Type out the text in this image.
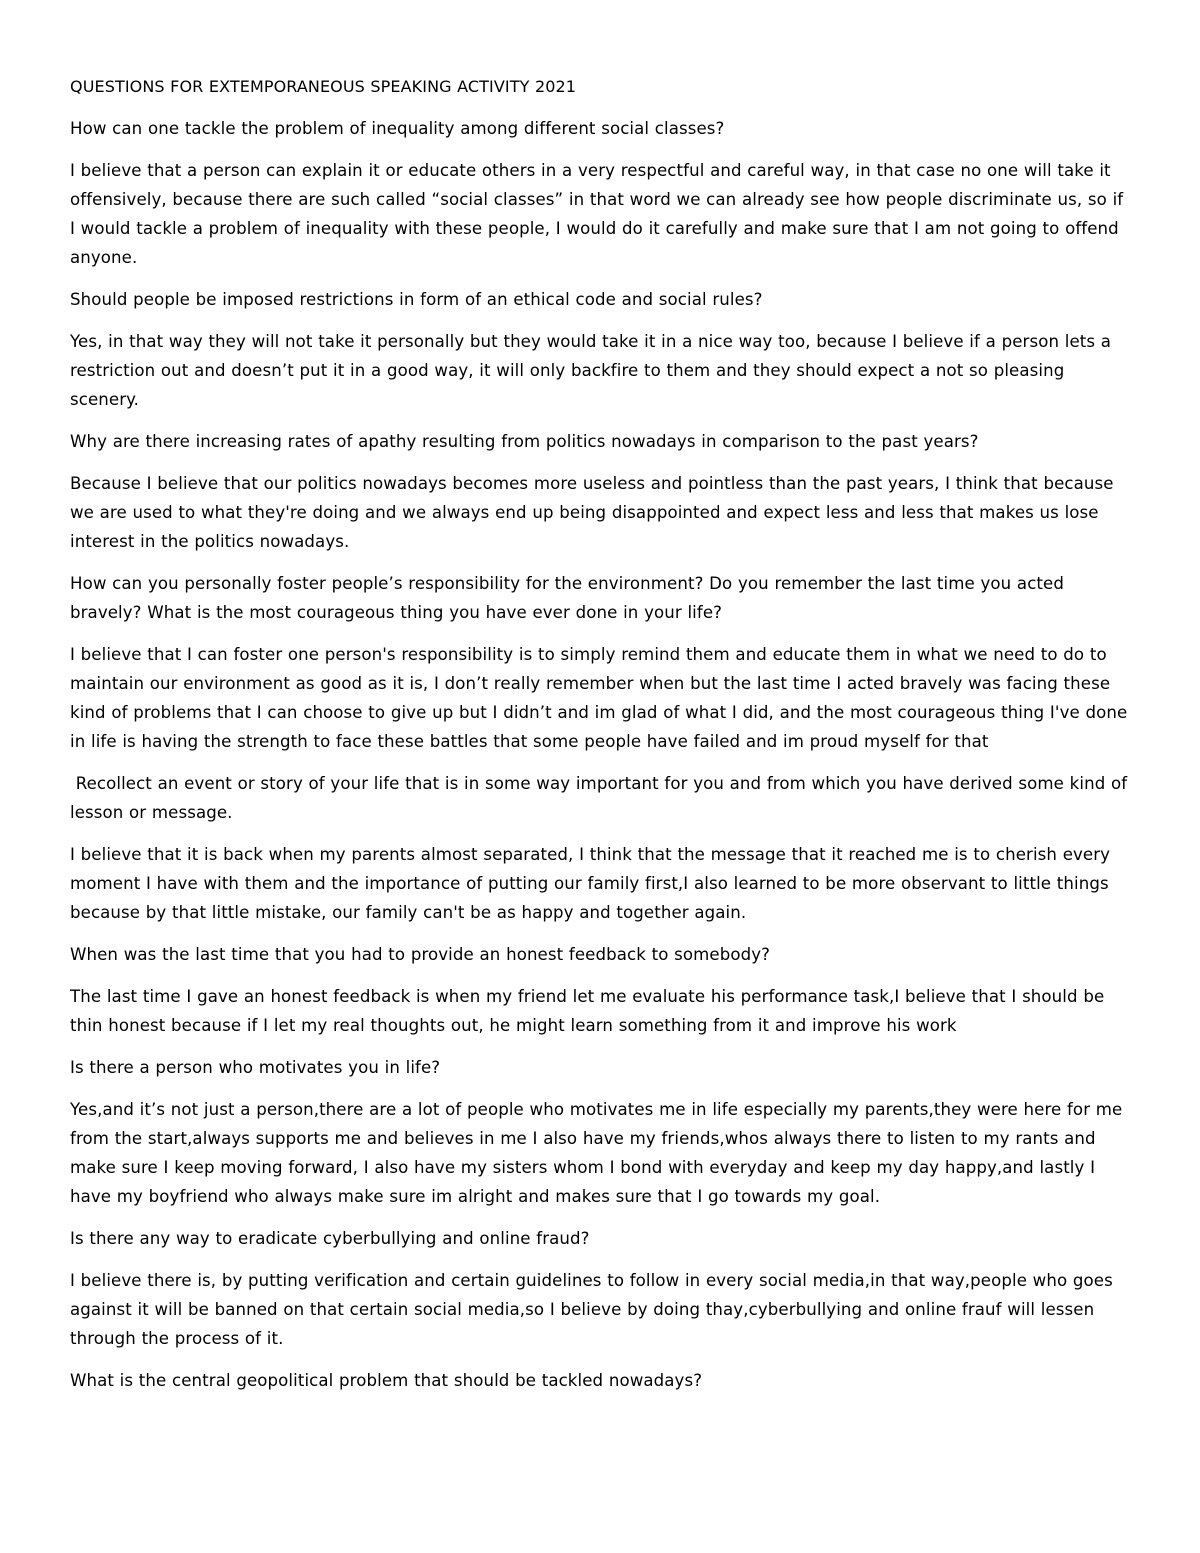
QUESTIONS FOR EXTEMPORANEOUS SPEAKING ACTIVITY 2021
How can one tackle the problem of inequality among different social classes?
I believe that a person can explain it or educate others in a very respectful and careful way, in that case no one will take it offensively, because there are such called “social classes” in that word we can already see how people discriminate us, so if I would tackle a problem of inequality with these people, I would do it carefully and make sure that I am not going to offend anyone.
Should people be imposed restrictions in form of an ethical code and social rules?
Yes, in that way they will not take it personally but they would take it in a nice way too, because I believe if a person lets a restriction out and doesn’t put it in a good way, it will only backfire to them and they should expect a not so pleasing scenery.
Why are there increasing rates of apathy resulting from politics nowadays in comparison to the past years?
Because I believe that our politics nowadays becomes more useless and pointless than the past years, I think that because we are used to what they're doing and we always end up being disappointed and expect less and less that makes us lose interest in the politics nowadays.
How can you personally foster people’s responsibility for the environment? Do you remember the last time you acted bravely? What is the most courageous thing you have ever done in your life?
I believe that I can foster one person's responsibility is to simply remind them and educate them in what we need to do to maintain our environment as good as it is, I don’t really remember when but the last time I acted bravely was facing these kind of problems that I can choose to give up but I didn’t and im glad of what I did, and the most courageous thing I've done in life is having the strength to face these battles that some people have failed and im proud myself for that
Recollect an event or story of your life that is in some way important for you and from which you have derived some kind of lesson or message.
I believe that it is back when my parents almost separated, I think that the message that it reached me is to cherish every moment I have with them and the importance of putting our family first,I also learned to be more observant to little things because by that little mistake, our family can't be as happy and together again.
When was the last time that you had to provide an honest feedback to somebody?
The last time I gave an honest feedback is when my friend let me evaluate his performance task,I believe that I should be thin honest because if I let my real thoughts out, he might learn something from it and improve his work
Is there a person who motivates you in life?
Yes,and it’s not just a person,there are a lot of people who motivates me in life especially my parents,they were here for me from the start,always supports me and believes in me I also have my friends,whos always there to listen to my rants and make sure I keep moving forward, I also have my sisters whom I bond with everyday and keep my day happy,and lastly I have my boyfriend who always make sure im alright and makes sure that I go towards my goal.
Is there any way to eradicate cyberbullying and online fraud?
I believe there is, by putting verification and certain guidelines to follow in every social media,in that way,people who goes against it will be banned on that certain social media,so I believe by doing thay,cyberbullying and online frauf will lessen through the process of it.
What is the central geopolitical problem that should be tackled nowadays?
